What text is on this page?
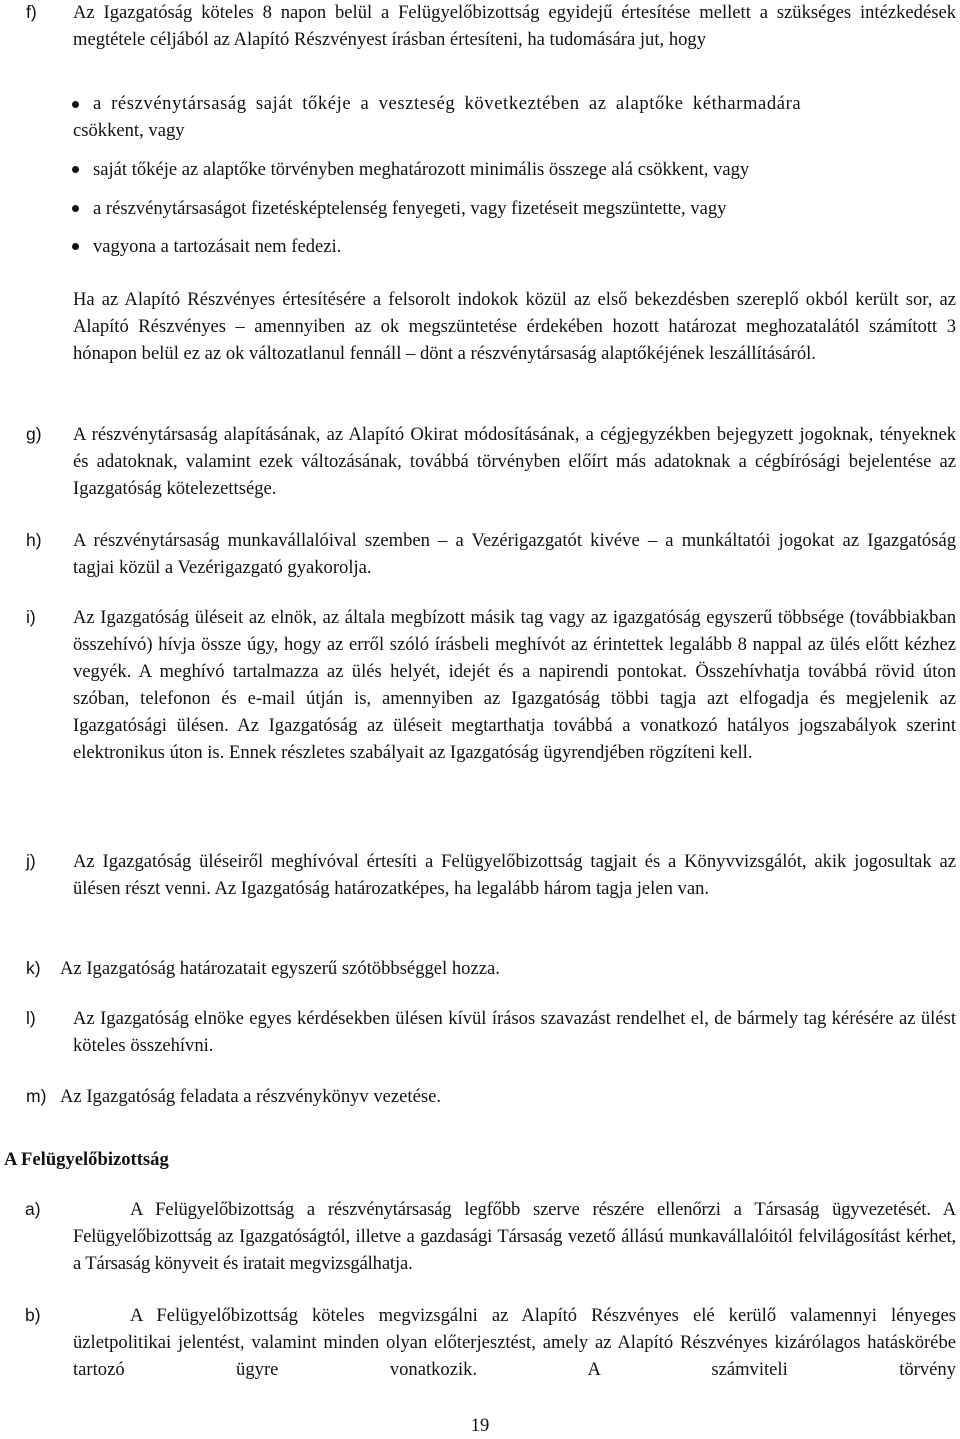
f) Az Igazgatóság köteles 8 napon belül a Felügyelőbizottság egyidejű értesítése mellett a szükséges intézkedések megtétele céljából az Alapító Részvényest írásban értesíteni, ha tudomására jut, hogy
a részvénytársaság saját tőkéje a veszteség következtében az alaptőke kétharmadára
csökkent, vagy
saját tőkéje az alaptőke törvényben meghatározott minimális összege alá csökkent, vagy
a részvénytársaságot fizetésképtelenség fenyegeti, vagy fizetéseit megszüntette, vagy
vagyona a tartozásait nem fedezi.
Ha az Alapító Részvényes értesítésére a felsorolt indokok közül az első bekezdésben szereplő okból került sor, az Alapító Részvényes – amennyiben az ok megszüntetése érdekében hozott határozat meghozatalától számított 3 hónapon belül ez az ok változatlanul fennáll – dönt a részvénytársaság alaptőkéjének leszállításáról.
g) A részvénytársaság alapításának, az Alapító Okirat módosításának, a cégjegyzékben bejegyzett jogoknak, tényeknek és adatoknak, valamint ezek változásának, továbbá törvényben előírt más adatoknak a cégbírósági bejelentése az Igazgatóság kötelezettsége.
h) A részvénytársaság munkavállalóival szemben – a Vezérigazgatót kivéve – a munkáltatói jogokat az Igazgatóság tagjai közül a Vezérigazgató gyakorolja.
i) Az Igazgatóság üléseit az elnök, az általa megbízott másik tag vagy az igazgatóság egyszerű többsége (továbbiakban összehívó) hívja össze úgy, hogy az erről szóló írásbeli meghívót az érintettek legalább 8 nappal az ülés előtt kézhez vegyék. A meghívó tartalmazza az ülés helyét, idejét és a napirendi pontokat. Összehívhatja továbbá rövid úton szóban, telefonon és e-mail útján is, amennyiben az Igazgatóság többi tagja azt elfogadja és megjelenik az Igazgatósági ülésen. Az Igazgatóság az üléseit megtarthatja továbbá a vonatkozó hatályos jogszabályok szerint elektronikus úton is. Ennek részletes szabályait az Igazgatóság ügyrendjében rögzíteni kell.
j) Az Igazgatóság üléseiről meghívóval értesíti a Felügyelőbizottság tagjait és a Könyvvizsgálót, akik jogosultak az ülésen részt venni. Az Igazgatóság határozatképes, ha legalább három tagja jelen van.
k) Az Igazgatóság határozatait egyszerű szótöbbséggel hozza.
l) Az Igazgatóság elnöke egyes kérdésekben ülésen kívül írásos szavazást rendelhet el, de bármely tag kérésére az ülést köteles összehívni.
m) Az Igazgatóság feladata a részvénykönyv vezetése.
A Felügyelőbizottság
a)	A Felügyelőbizottság a részvénytársaság legfőbb szerve részére ellenőrzi a Társaság ügyvezetését. A Felügyelőbizottság az Igazgatóságtól, illetve a gazdasági Társaság vezető állású munkavállalóitól felvilágosítást kérhet, a Társaság könyveit és iratait megvizsgálhatja.
b)	A Felügyelőbizottság köteles megvizsgálni az Alapító Részvényes elé kerülő valamennyi lényeges üzletpolitikai jelentést, valamint minden olyan előterjesztést, amely az Alapító Részvényes kizárólagos hatáskörébe tartozó ügyre vonatkozik. A számviteli törvény
19
